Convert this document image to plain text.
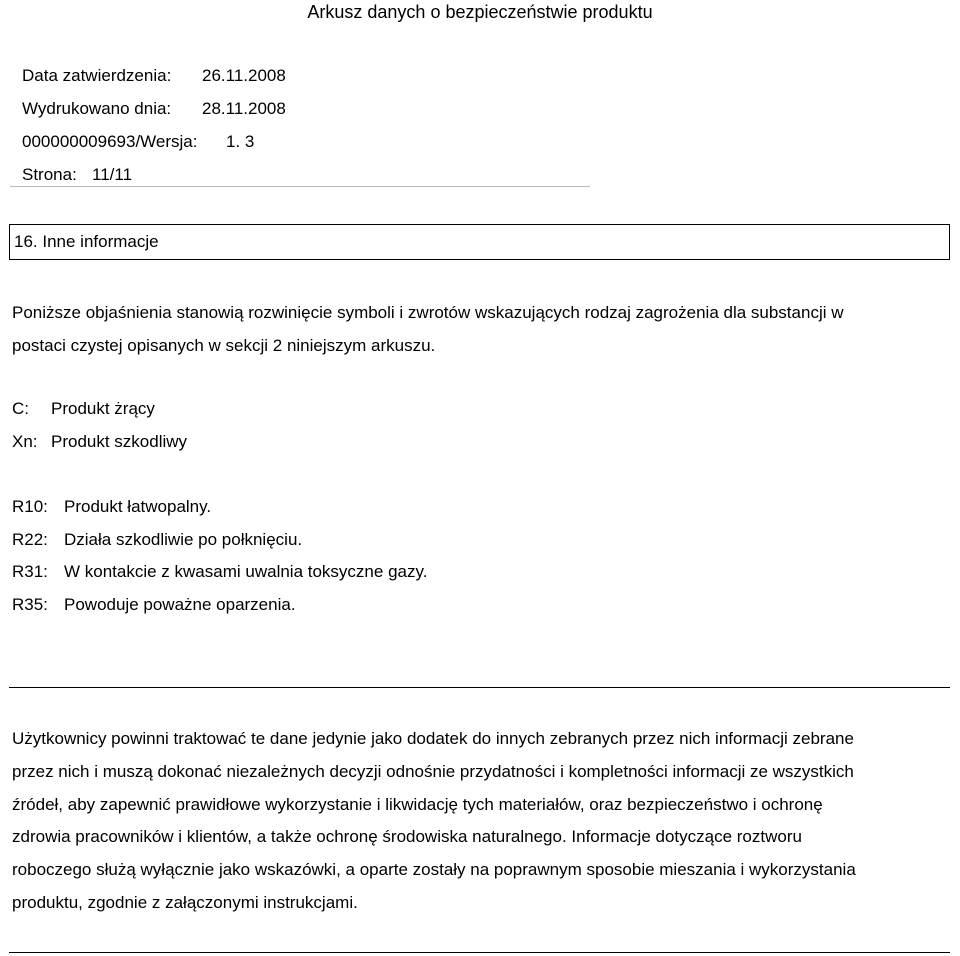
Arkusz danych o bezpieczeństwie produktu
Data zatwierdzenia: 26.11.2008
Wydrukowano dnia: 28.11.2008
000000009693/Wersja: 1. 3
Strona: 11/11
16. Inne informacje
Poniższe objaśnienia stanowią rozwinięcie symboli i zwrotów wskazujących rodzaj zagrożenia dla substancji w
postaci czystej opisanych w sekcji 2 niniejszym arkuszu.
C: Produkt żrący
Xn: Produkt szkodliwy
R10: Produkt łatwopalny.
R22: Działa szkodliwie po połknięciu.
R31: W kontakcie z kwasami uwalnia toksyczne gazy.
R35: Powoduje poważne oparzenia.
Użytkownicy powinni traktować te dane jedynie jako dodatek do innych zebranych przez nich informacji zebrane
przez nich i muszą dokonać niezależnych decyzji odnośnie przydatności i kompletności informacji ze wszystkich
źródeł, aby zapewnić prawidłowe wykorzystanie i likwidację tych materiałów, oraz bezpieczeństwo i ochronę
zdrowia pracowników i klientów, a także ochronę środowiska naturalnego. Informacje dotyczące roztworu
roboczego służą wyłącznie jako wskazówki, a oparte zostały na poprawnym sposobie mieszania i wykorzystania
produktu, zgodnie z załączonymi instrukcjami.
